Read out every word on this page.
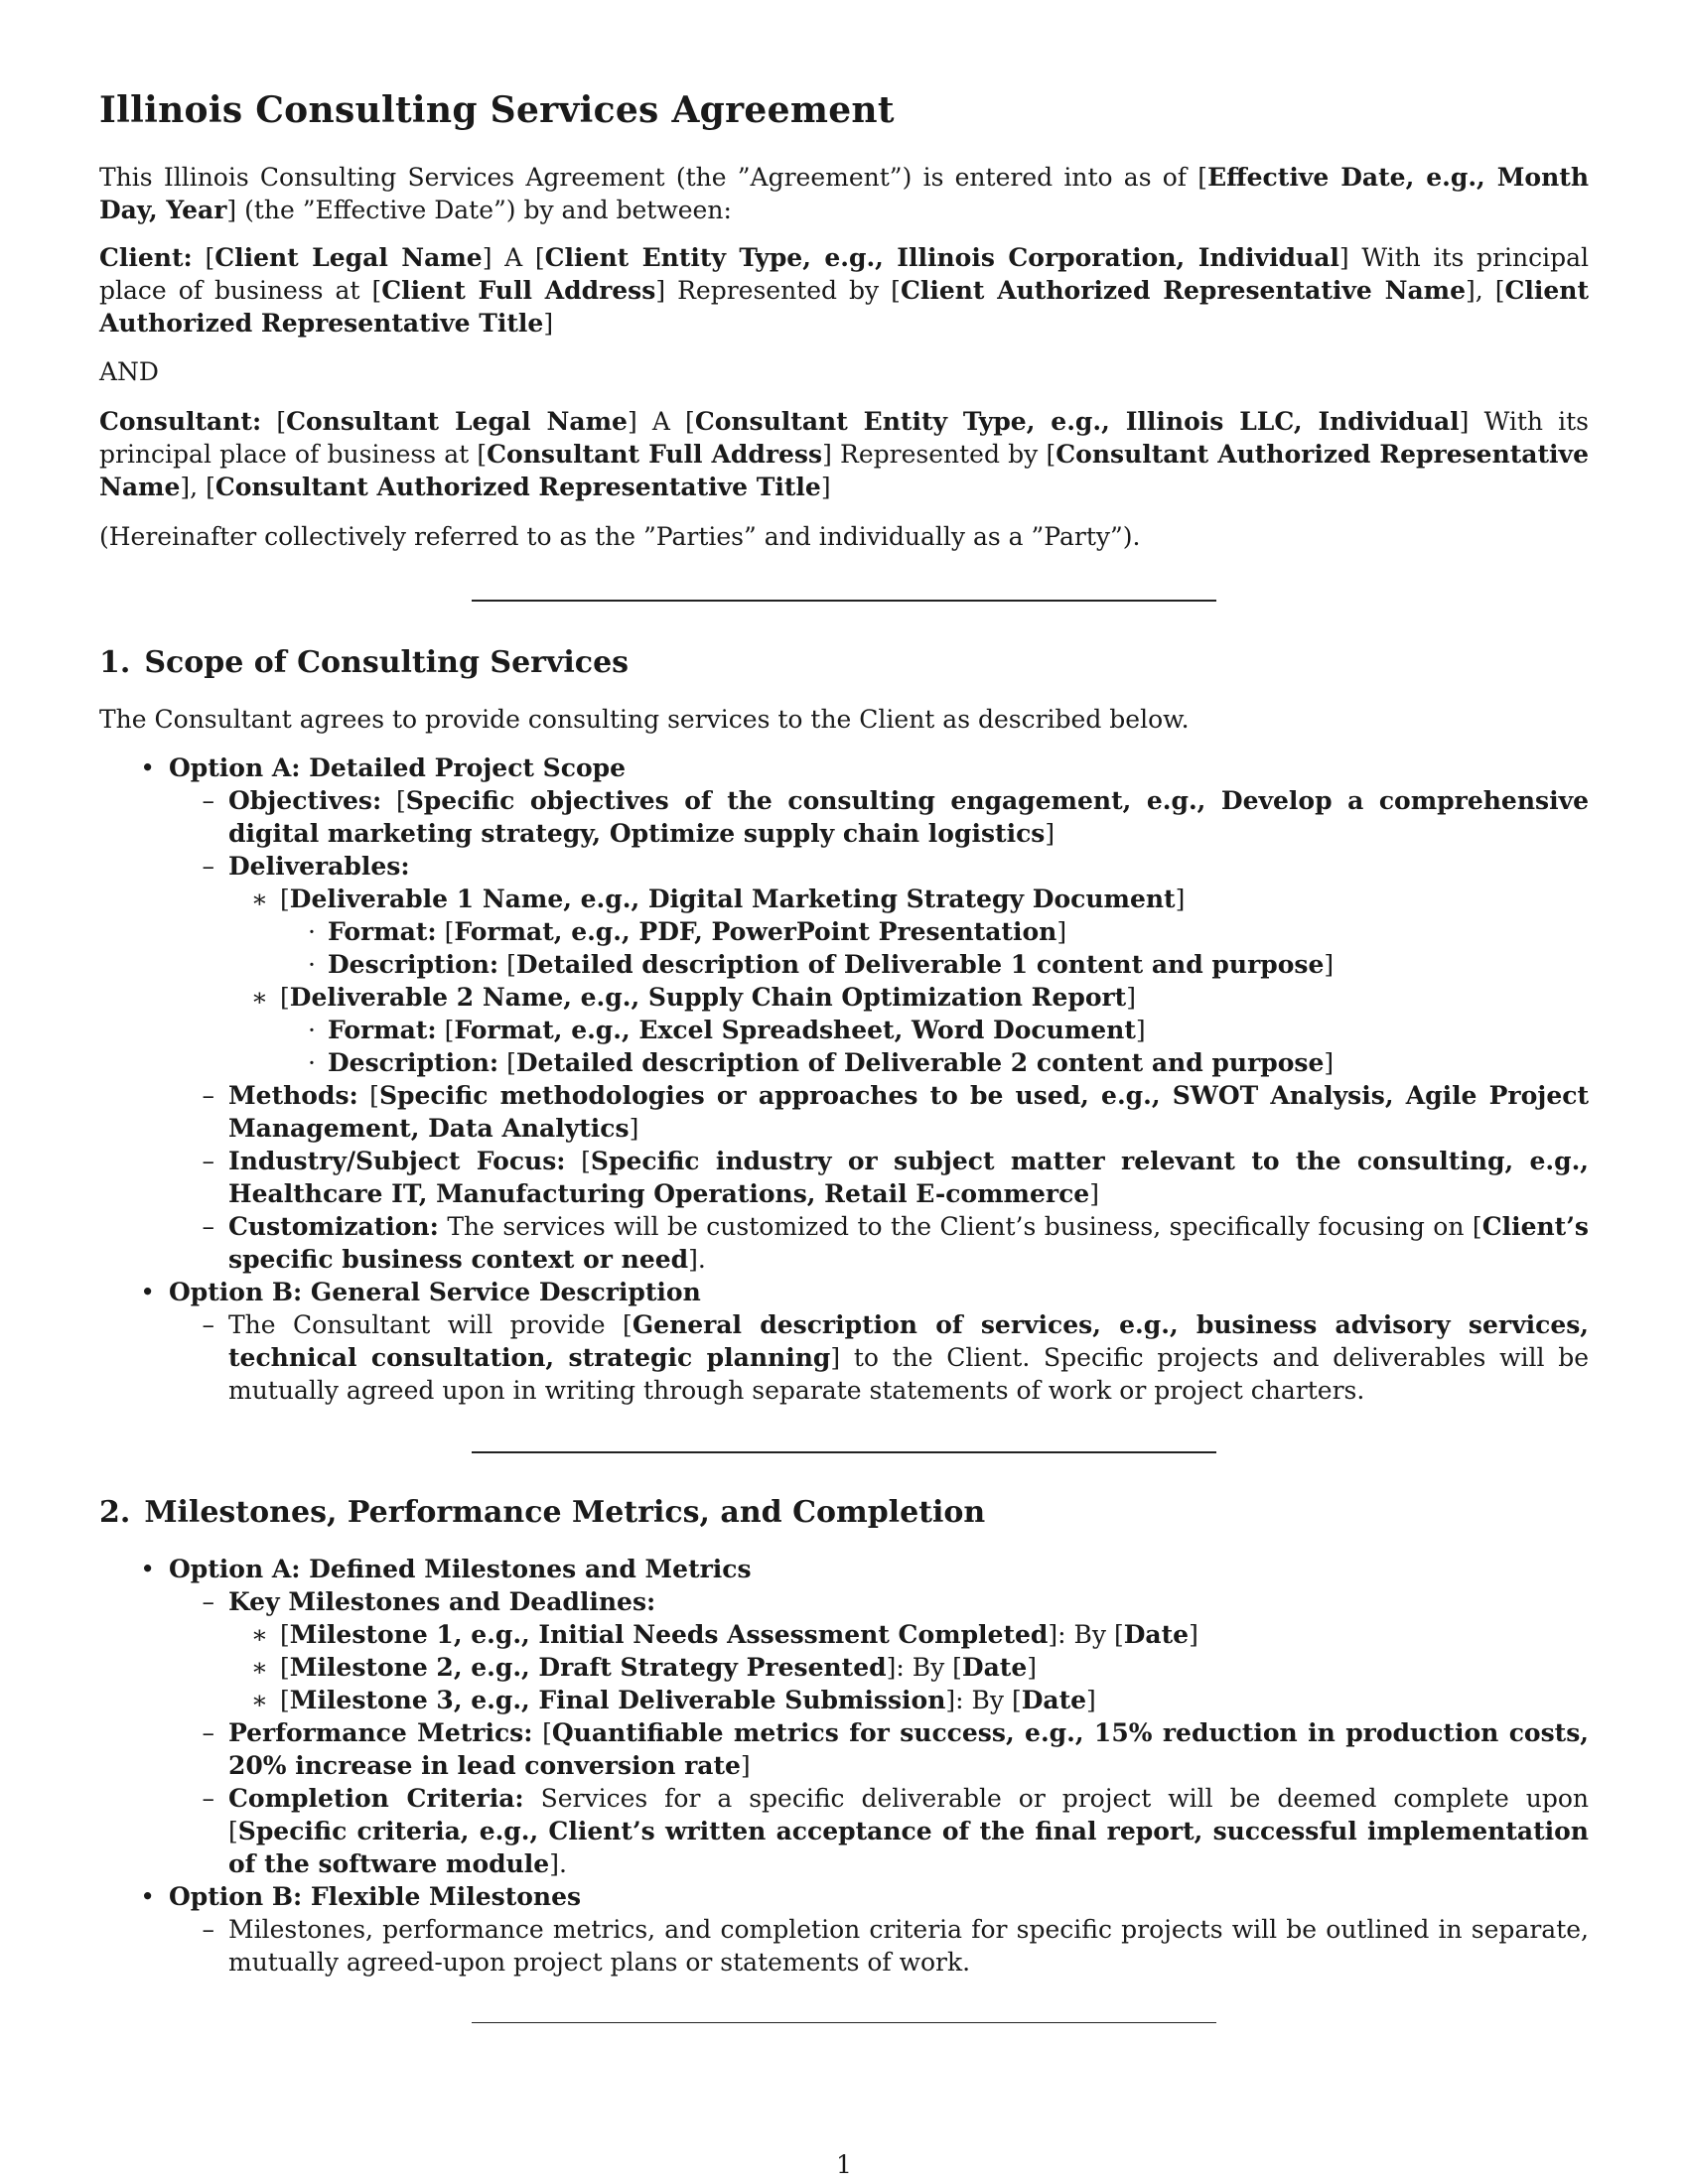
Illinois Consulting Services Agreement

This Illinois Consulting Services Agreement (the ”Agreement”) is entered into as of [Effective Date, e.g., Month Day, Year] (the ”Effective Date”) by and between:

Client: [Client Legal Name] A [Client Entity Type, e.g., Illinois Corporation, Individual] With its principal place of business at [Client Full Address] Represented by [Client Authorized Representative Name], [Client Authorized Representative Title]

AND

Consultant: [Consultant Legal Name] A [Consultant Entity Type, e.g., Illinois LLC, Individual] With its principal place of business at [Consultant Full Address] Represented by [Consultant Authorized Representative Name], [Consultant Authorized Representative Title]

(Hereinafter collectively referred to as the ”Parties” and individually as a ”Party”).

1. Scope of Consulting Services

The Consultant agrees to provide consulting services to the Client as described below.

• Option A: Detailed Project Scope
– Objectives: [Specific objectives of the consulting engagement, e.g., Develop a comprehensive digital marketing strategy, Optimize supply chain logistics]
– Deliverables:
∗ [Deliverable 1 Name, e.g., Digital Marketing Strategy Document]
· Format: [Format, e.g., PDF, PowerPoint Presentation]
· Description: [Detailed description of Deliverable 1 content and purpose]
∗ [Deliverable 2 Name, e.g., Supply Chain Optimization Report]
· Format: [Format, e.g., Excel Spreadsheet, Word Document]
· Description: [Detailed description of Deliverable 2 content and purpose]
– Methods: [Specific methodologies or approaches to be used, e.g., SWOT Analysis, Agile Project Management, Data Analytics]
– Industry/Subject Focus: [Specific industry or subject matter relevant to the consulting, e.g., Healthcare IT, Manufacturing Operations, Retail E-commerce]
– Customization: The services will be customized to the Client’s business, specifically focusing on [Client’s specific business context or need].
• Option B: General Service Description
– The Consultant will provide [General description of services, e.g., business advisory services, technical consultation, strategic planning] to the Client. Specific projects and deliverables will be mutually agreed upon in writing through separate statements of work or project charters.
2. Milestones, Performance Metrics, and Completion
• Option A: Defined Milestones and Metrics
– Key Milestones and Deadlines:
∗ [Milestone 1, e.g., Initial Needs Assessment Completed]: By [Date]
∗ [Milestone 2, e.g., Draft Strategy Presented]: By [Date]
∗ [Milestone 3, e.g., Final Deliverable Submission]: By [Date]
– Performance Metrics: [Quantifiable metrics for success, e.g., 15% reduction in production costs, 20% increase in lead conversion rate]
– Completion Criteria: Services for a specific deliverable or project will be deemed complete upon [Specific criteria, e.g., Client’s written acceptance of the final report, successful implementation of the software module].
• Option B: Flexible Milestones
– Milestones, performance metrics, and completion criteria for specific projects will be outlined in separate, mutually agreed-upon project plans or statements of work.
1
